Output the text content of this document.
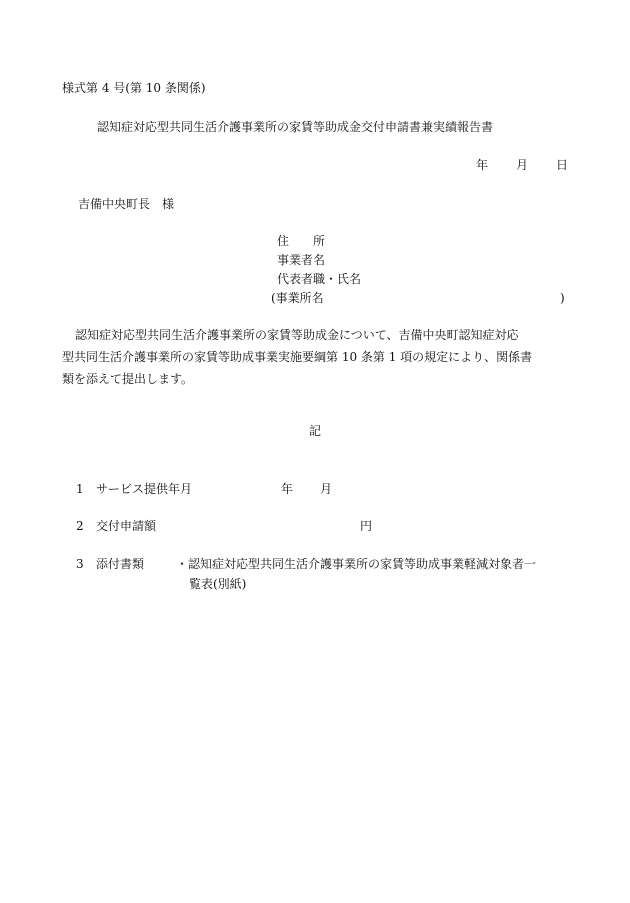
様式第 4 号(第 10 条関係)
認知症対応型共同生活介護事業所の家賃等助成金交付申請書兼実績報告書
年 月 日
吉備中央町長　様
住　　所
事業者名
代表者職・氏名
(事業所名	)
認知症対応型共同生活介護事業所の家賃等助成金について、吉備中央町認知症対応
型共同生活介護事業所の家賃等助成事業実施要綱第 10 条第 1 項の規定により、関係書
類を添えて提出します。
記
1 サービス提供年月	年 月
2 交付申請額	円
3 添付書類	・認知症対応型共同生活介護事業所の家賃等助成事業軽減対象者一
覧表(別紙)
